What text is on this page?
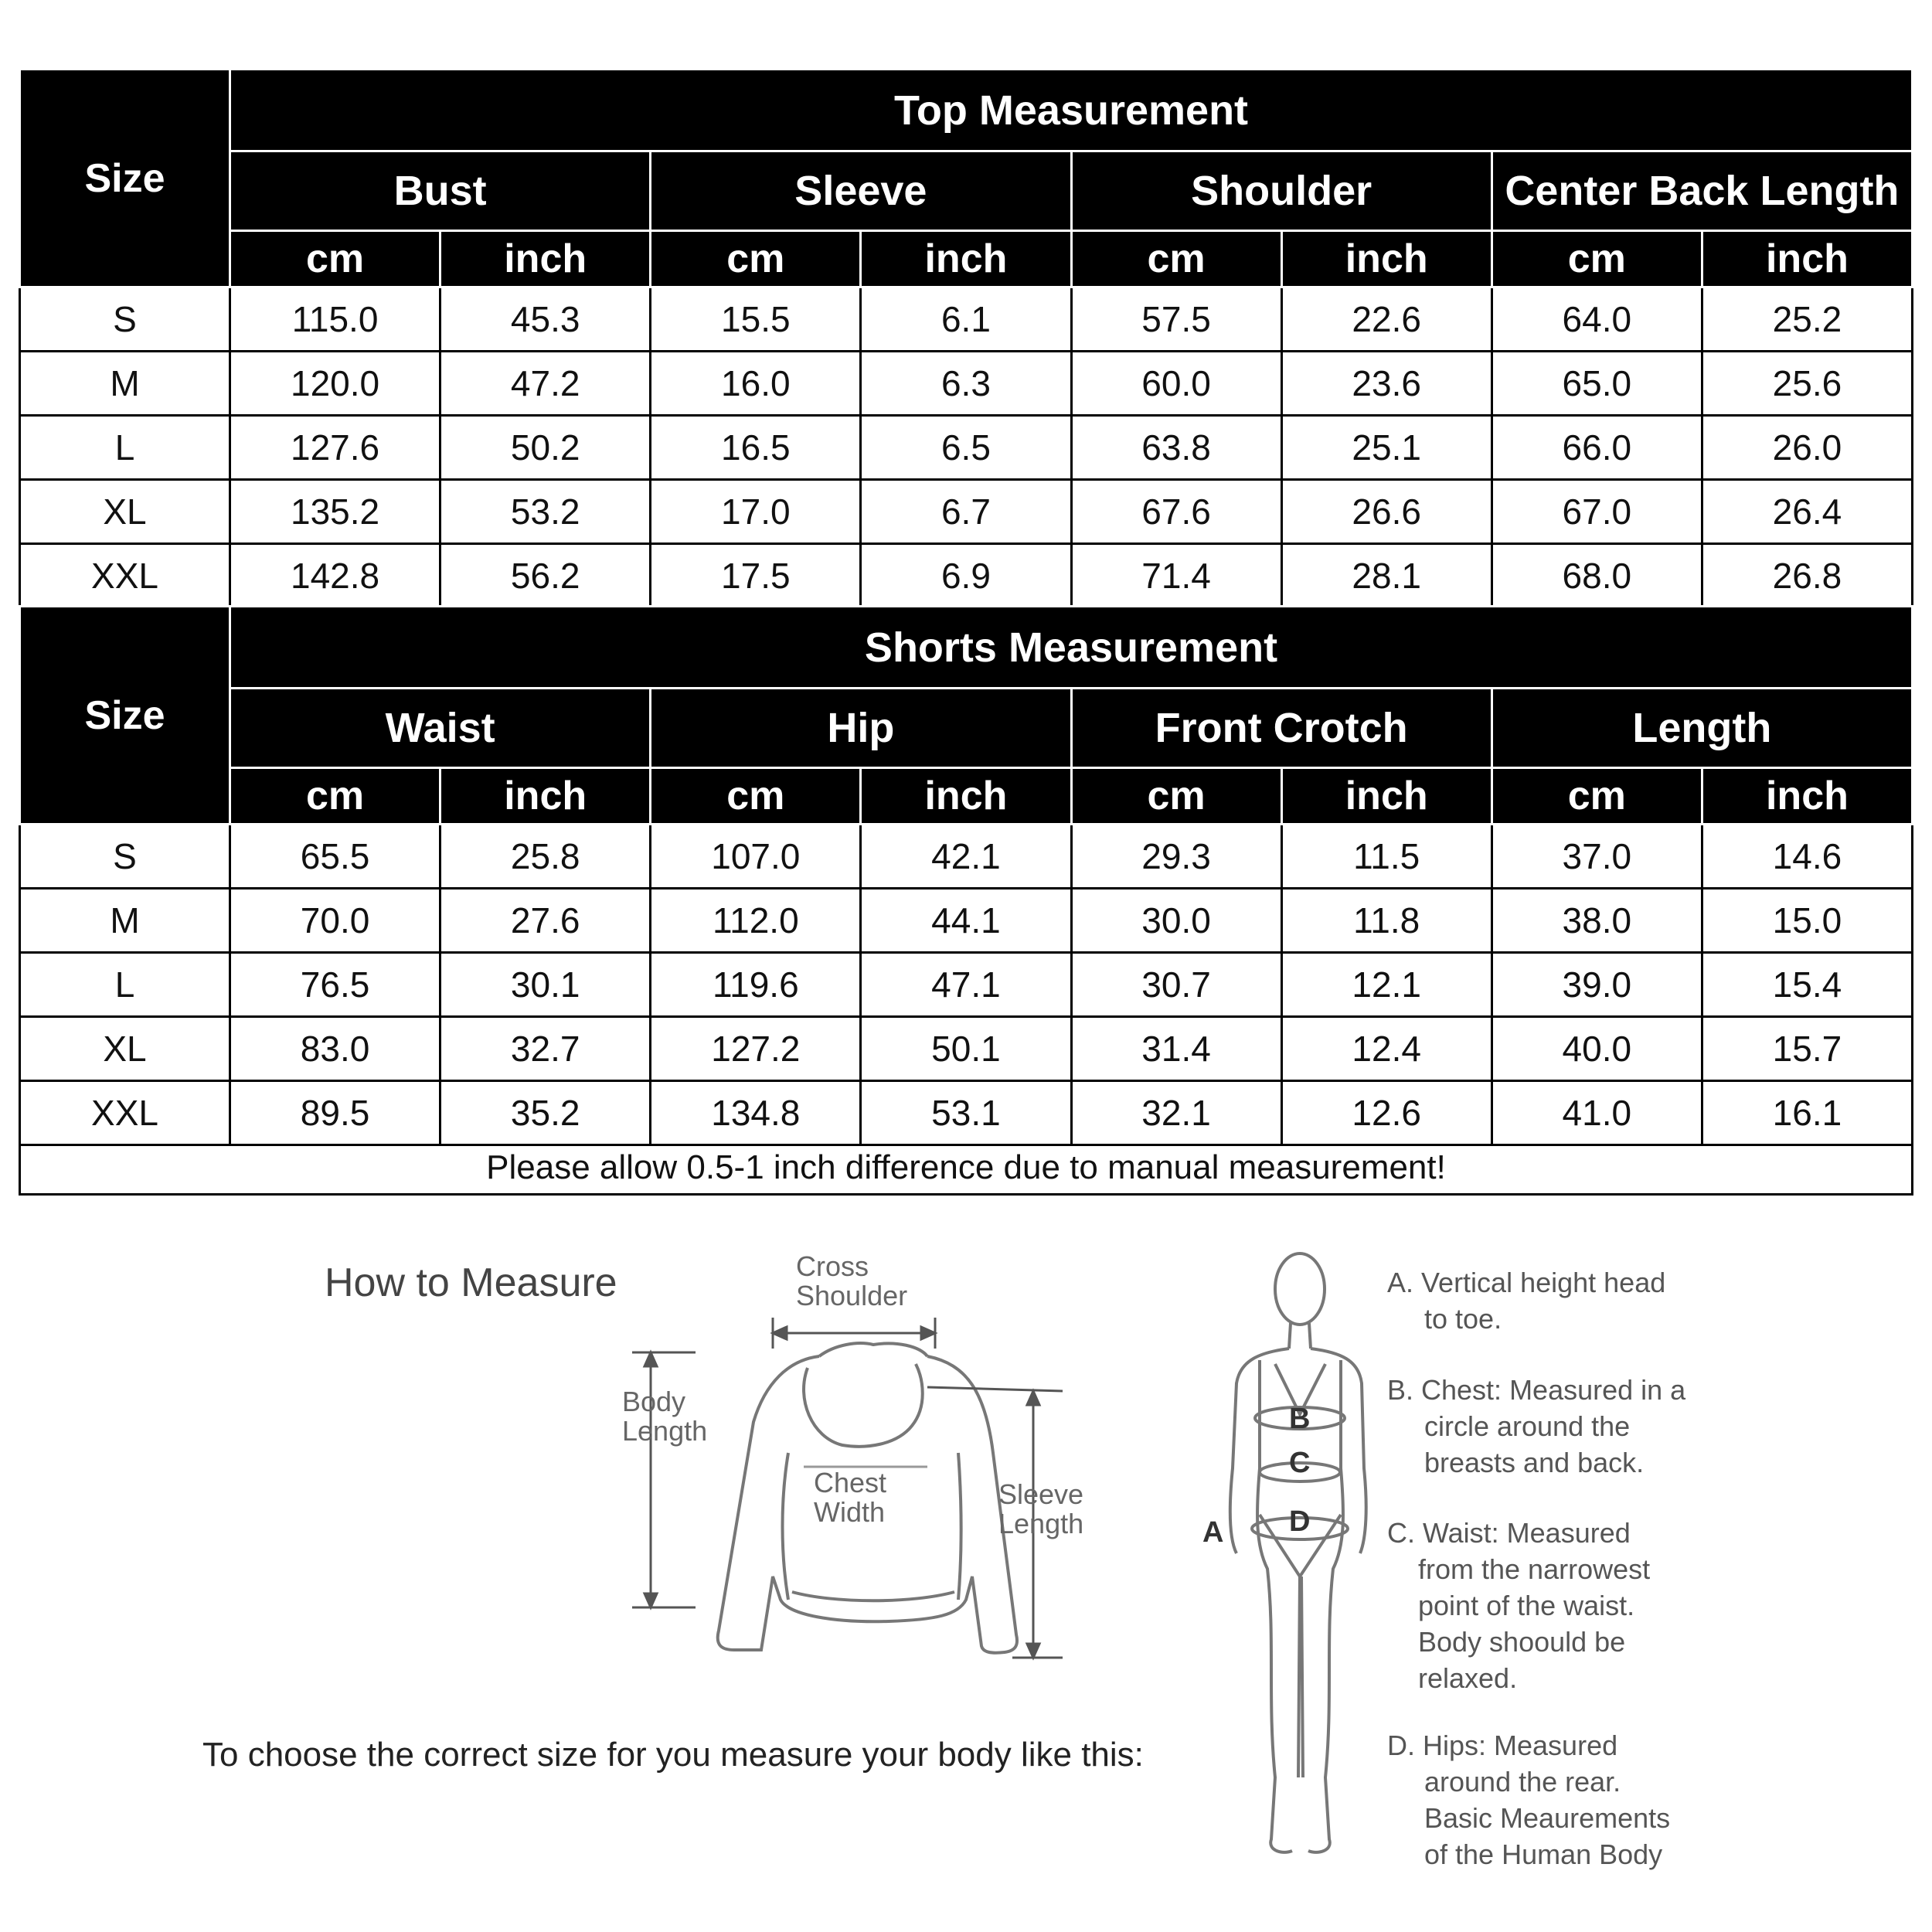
Size	Top Measurement							
	Bust		Sleeve		Shoulder		Center Back Length	
	cm	inch	cm	inch	cm	inch	cm	inch
S	115.0	45.3	15.5	6.1	57.5	22.6	64.0	25.2
M	120.0	47.2	16.0	6.3	60.0	23.6	65.0	25.6
L	127.6	50.2	16.5	6.5	63.8	25.1	66.0	26.0
XL	135.2	53.2	17.0	6.7	67.6	26.6	67.0	26.4
XXL	142.8	56.2	17.5	6.9	71.4	28.1	68.0	26.8
Size	Shorts Measurement							
	Waist		Hip		Front Crotch		Length	
	cm	inch	cm	inch	cm	inch	cm	inch
S	65.5	25.8	107.0	42.1	29.3	11.5	37.0	14.6
M	70.0	27.6	112.0	44.1	30.0	11.8	38.0	15.0
L	76.5	30.1	119.6	47.1	30.7	12.1	39.0	15.4
XL	83.0	32.7	127.2	50.1	31.4	12.4	40.0	15.7
XXL	89.5	35.2	134.8	53.1	32.1	12.6	41.0	16.1
Please allow 0.5-1 inch difference due to manual measurement!
How to Measure	Cross
Shoulder
Body
Length
Chest
Width
Sleeve
Length	A
B
C
D
A. Vertical height head
to toe.
B. Chest: Measured in a
circle around the
breasts and back.
C. Waist: Measured
from the narrowest
point of the waist.
Body shoould be
relaxed.
D. Hips: Measured
around the rear.
Basic Meaurements
of the Human Body
To choose the correct size for you measure your body like this:
